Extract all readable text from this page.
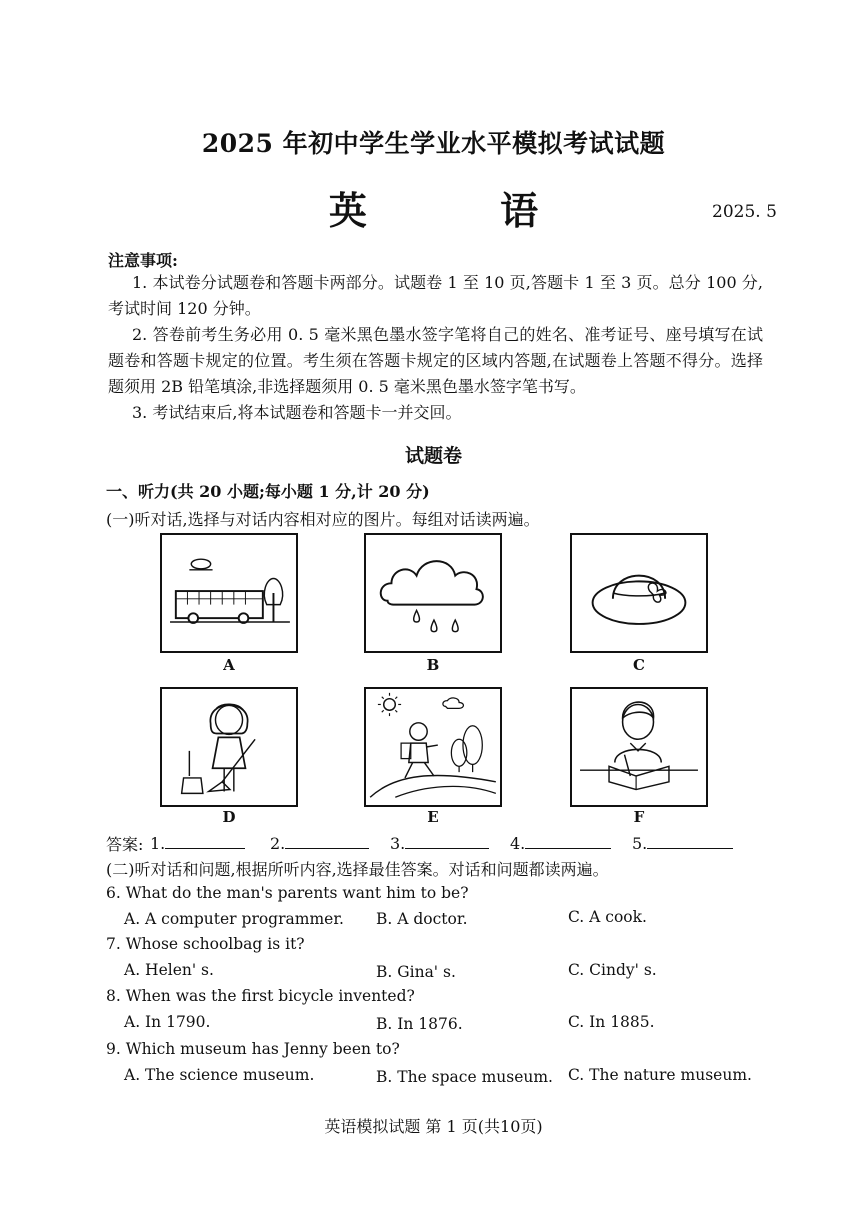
2025 年初中学生学业水平模拟考试试题
英 语	2025. 5
注意事项:
1. 本试卷分试题卷和答题卡两部分。试题卷 1 至 10 页,答题卡 1 至 3 页。总分 100 分,考试时间 120 分钟。
2. 答卷前考生务必用 0. 5 毫米黑色墨水签字笔将自己的姓名、准考证号、座号填写在试题卷和答题卡规定的位置。考生须在答题卡规定的区域内答题,在试题卷上答题不得分。选择题须用 2B 铅笔填涂,非选择题须用 0. 5 毫米黑色墨水签字笔书写。
3. 考试结束后,将本试题卷和答题卡一并交回。
试题卷
一、听力(共 20 小题;每小题 1 分,计 20 分)
(一)听对话,选择与对话内容相对应的图片。每组对话读两遍。
A	B	C
D	E	F
答案: 1.	2.	3.	4.	5.
(二)听对话和问题,根据所听内容,选择最佳答案。对话和问题都读两遍。
6. What do the man's parents want him to be?
A. A computer programmer. B. A doctor.	C. A cook.
7. Whose schoolbag is it?
A. Helen' s.	B. Gina' s.	C. Cindy' s.
8. When was the first bicycle invented?
A. In 1790.	B. In 1876.	C. In 1885.
9. Which museum has Jenny been to?
A. The science museum.	B. The space museum. C. The nature museum.
英语模拟试题 第 1 页(共10页)
